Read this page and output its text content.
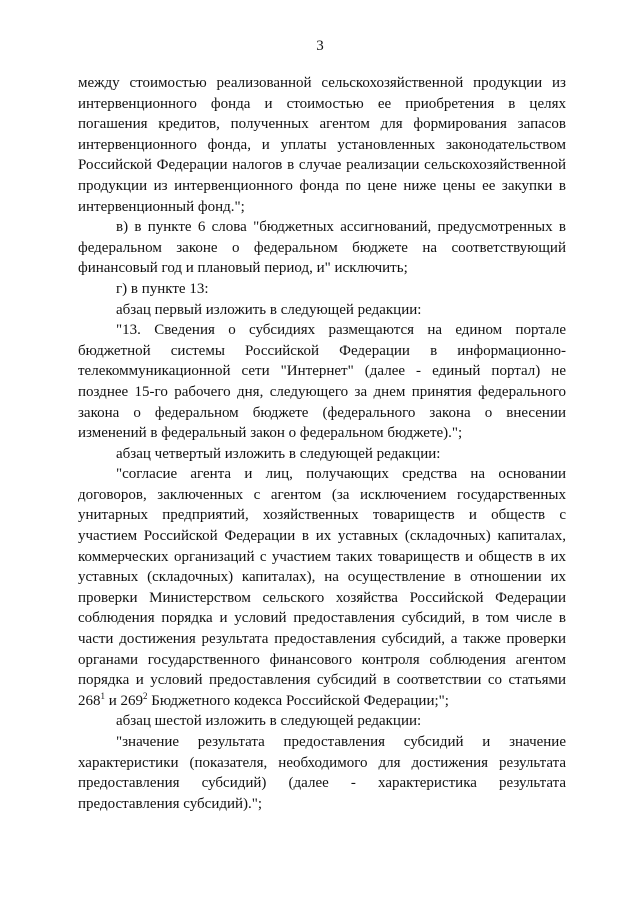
3

между стоимостью реализованной сельскохозяйственной продукции из интервенционного фонда и стоимостью ее приобретения в целях погашения кредитов, полученных агентом для формирования запасов интервенционного фонда, и уплаты установленных законодательством Российской Федерации налогов в случае реализации сельскохозяйственной продукции из интервенционного фонда по цене ниже цены ее закупки в интервенционный фонд.";

в) в пункте 6 слова "бюджетных ассигнований, предусмотренных в федеральном законе о федеральном бюджете на соответствующий финансовый год и плановый период, и" исключить;

г) в пункте 13:

абзац первый изложить в следующей редакции:

"13. Сведения о субсидиях размещаются на едином портале бюджетной системы Российской Федерации в информационно-телекоммуникационной сети "Интернет" (далее - единый портал) не позднее 15-го рабочего дня, следующего за днем принятия федерального закона о федеральном бюджете (федерального закона о внесении изменений в федеральный закон о федеральном бюджете).";

абзац четвертый изложить в следующей редакции:

"согласие агента и лиц, получающих средства на основании договоров, заключенных с агентом (за исключением государственных унитарных предприятий, хозяйственных товариществ и обществ с участием Российской Федерации в их уставных (складочных) капиталах, коммерческих организаций с участием таких товариществ и обществ в их уставных (складочных) капиталах), на осуществление в отношении их проверки Министерством сельского хозяйства Российской Федерации соблюдения порядка и условий предоставления субсидий, в том числе в части достижения результата предоставления субсидий, а также проверки органами государственного финансового контроля соблюдения агентом порядка и условий предоставления субсидий в соответствии со статьями $268^1$ и $269^2$ Бюджетного кодекса Российской Федерации;";

абзац шестой изложить в следующей редакции:

"значение результата предоставления субсидий и значение характеристики (показателя, необходимого для достижения результата предоставления субсидий) (далее - характеристика результата предоставления субсидий).";
